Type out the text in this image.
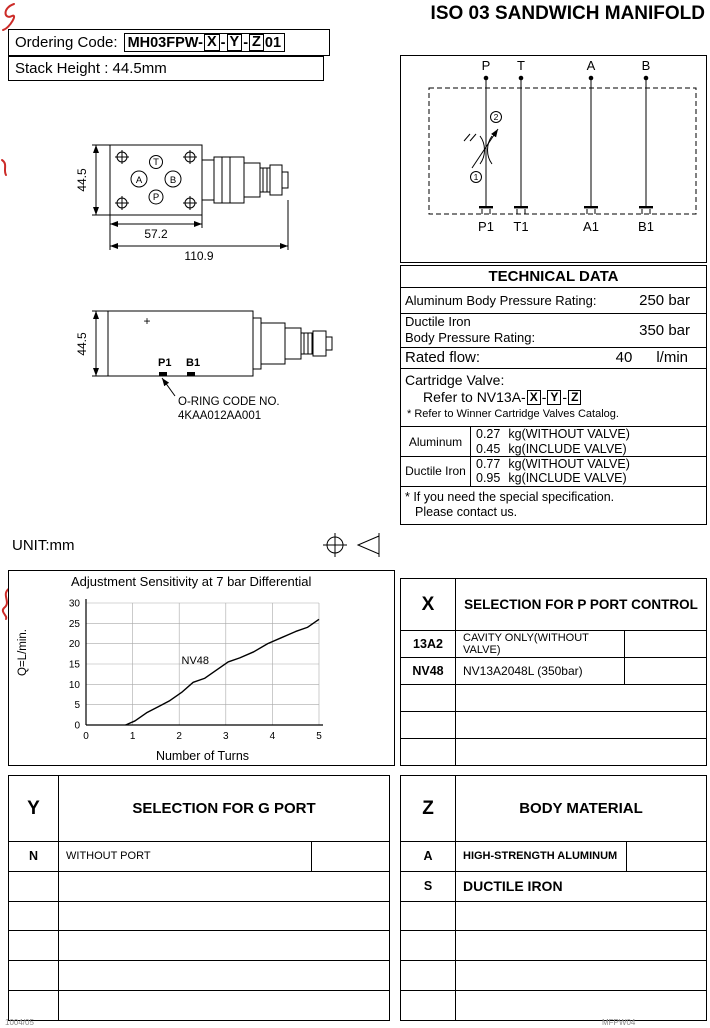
ISO 03 SANDWICH MANIFOLD
Ordering Code: MH03FPW- X - Y - Z 01
Stack Height : 44.5mm
T
A	B
P
44.5
57.2
110.9
+
P1 B1
44.5
O-RING CODE NO.
4KAA012AA001
UNIT:mm
P T	A	B
2
1
P1 T1	A1	B1
TECHNICAL DATA
Aluminum Body Pressure Rating:	250 bar
Ductile Iron
Body Pressure Rating:	350 bar
Rated flow:	40 l/min
Cartridge Valve:
Refer to NV13A- X - Y - Z
* Refer to Winner Cartridge Valves Catalog.
Aluminum
0.27 kg(WITHOUT VALVE)
0.45 kg(INCLUDE VALVE)
Ductile Iron
0.77 kg(WITHOUT VALVE)
0.95 kg(INCLUDE VALVE)
* If you need the special specification.
Please contact us.
Adjustment Sensitivity at 7 bar Differential
Q=L/min.
0	1	2	3	4	5
0
5
10
15
20
25
30
NV48
Number of Turns
X	SELECTION FOR P PORT CONTROL
13A2	CAVITY ONLY(WITHOUT VALVE)
NV48	NV13A2048L (350bar)
Y	SELECTION FOR G PORT
N	WITHOUT PORT
Z	BODY MATERIAL
A	HIGH-STRENGTH ALUMINUM
S	DUCTILE IRON
1004/05	MFPW04
